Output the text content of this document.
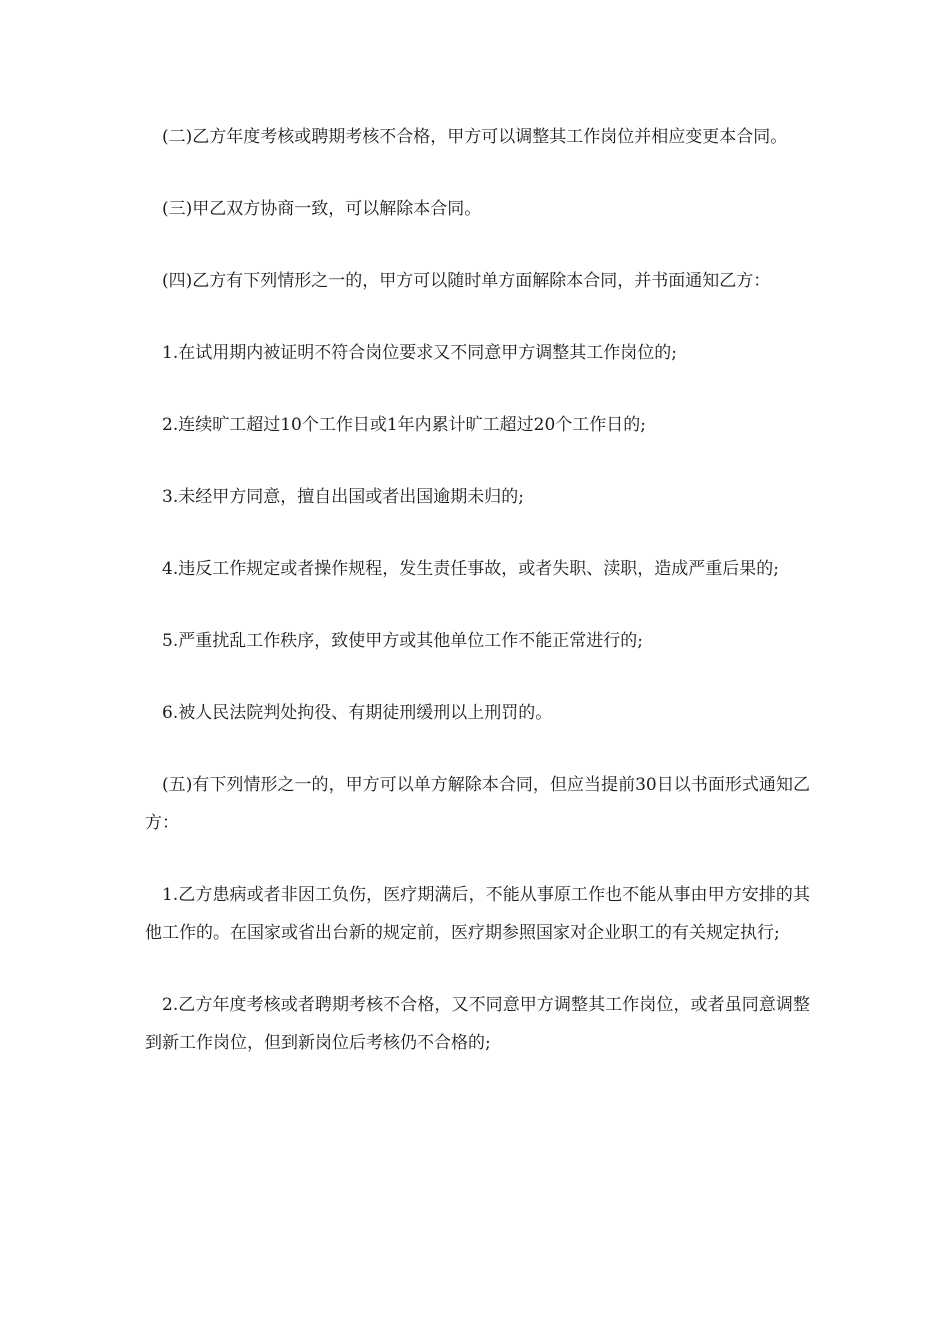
(二)乙方年度考核或聘期考核不合格，甲方可以调整其工作岗位并相应变更本合同。

(三)甲乙双方协商一致，可以解除本合同。

(四)乙方有下列情形之一的，甲方可以随时单方面解除本合同，并书面通知乙方：

1.在试用期内被证明不符合岗位要求又不同意甲方调整其工作岗位的;

2.连续旷工超过10个工作日或1年内累计旷工超过20个工作日的;

3.未经甲方同意，擅自出国或者出国逾期未归的;

4.违反工作规定或者操作规程，发生责任事故，或者失职、渎职，造成严重后果的;

5.严重扰乱工作秩序，致使甲方或其他单位工作不能正常进行的;

6.被人民法院判处拘役、有期徒刑缓刑以上刑罚的。

(五)有下列情形之一的，甲方可以单方解除本合同，但应当提前30日以书面形式通知乙方：

1.乙方患病或者非因工负伤，医疗期满后，不能从事原工作也不能从事由甲方安排的其他工作的。在国家或省出台新的规定前，医疗期参照国家对企业职工的有关规定执行;

2.乙方年度考核或者聘期考核不合格，又不同意甲方调整其工作岗位，或者虽同意调整到新工作岗位，但到新岗位后考核仍不合格的;
